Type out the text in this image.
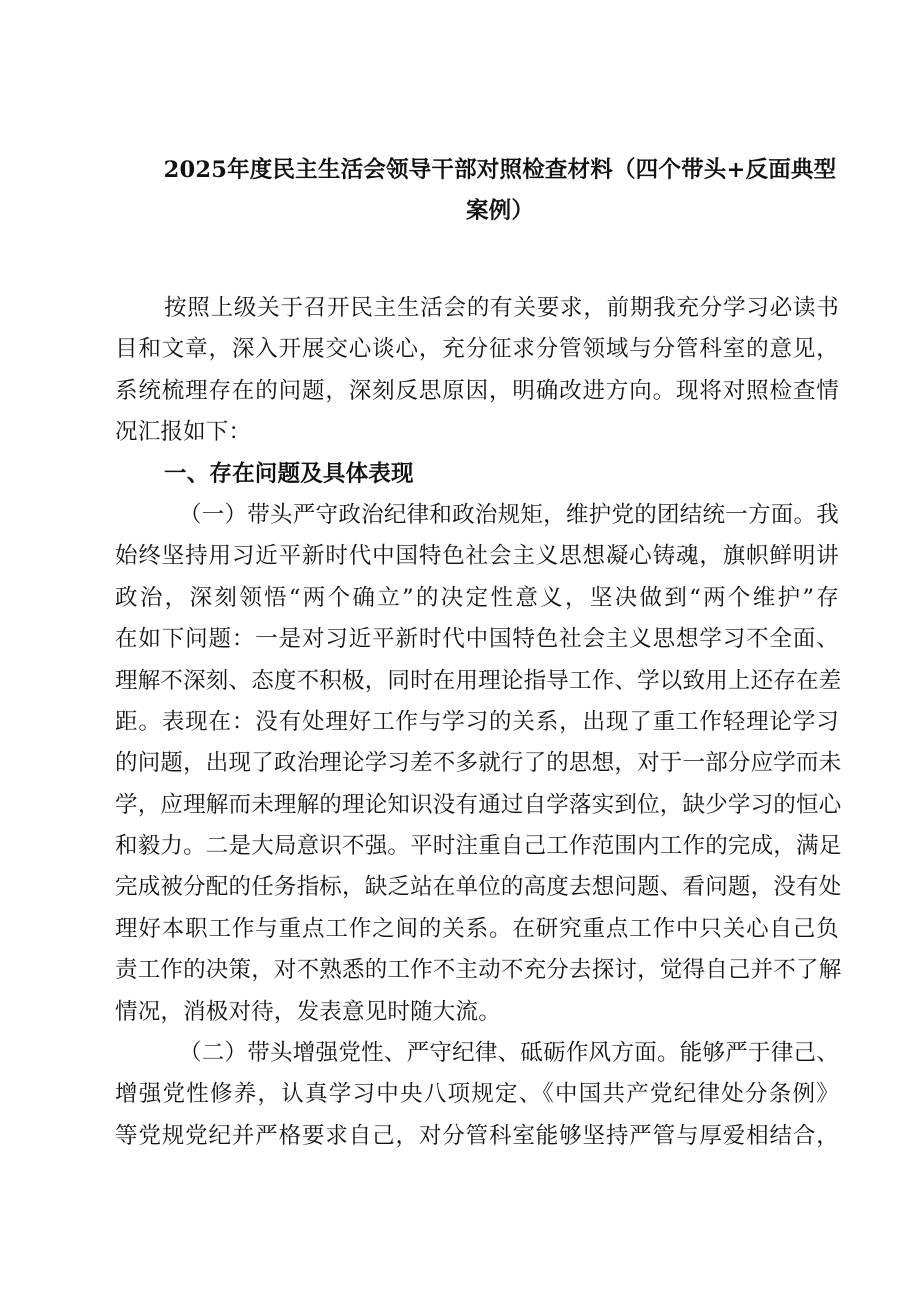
2025年度民主生活会领导干部对照检查材料（四个带头+反面典型
案例）
按照上级关于召开民主生活会的有关要求，前期我充分学习必读书
目和文章，深入开展交心谈心，充分征求分管领域与分管科室的意见，
系统梳理存在的问题，深刻反思原因，明确改进方向。现将对照检查情
况汇报如下：
一、存在问题及具体表现
（一）带头严守政治纪律和政治规矩，维护党的团结统一方面。我
始终坚持用习近平新时代中国特色社会主义思想凝心铸魂，旗帜鲜明讲
政治，深刻领悟“两个确立”的决定性意义，坚决做到“两个维护”存
在如下问题：一是对习近平新时代中国特色社会主义思想学习不全面、
理解不深刻、态度不积极，同时在用理论指导工作、学以致用上还存在差
距。表现在：没有处理好工作与学习的关系，出现了重工作轻理论学习
的问题，出现了政治理论学习差不多就行了的思想，对于一部分应学而未
学，应理解而未理解的理论知识没有通过自学落实到位，缺少学习的恒心
和毅力。二是大局意识不强。平时注重自己工作范围内工作的完成，满足
完成被分配的任务指标，缺乏站在单位的高度去想问题、看问题，没有处
理好本职工作与重点工作之间的关系。在研究重点工作中只关心自己负
责工作的决策，对不熟悉的工作不主动不充分去探讨，觉得自己并不了解
情况，消极对待，发表意见时随大流。
（二）带头增强党性、严守纪律、砥砺作风方面。能够严于律己、
增强党性修养，认真学习中央八项规定、《中国共产党纪律处分条例》
等党规党纪并严格要求自己，对分管科室能够坚持严管与厚爱相结合，
